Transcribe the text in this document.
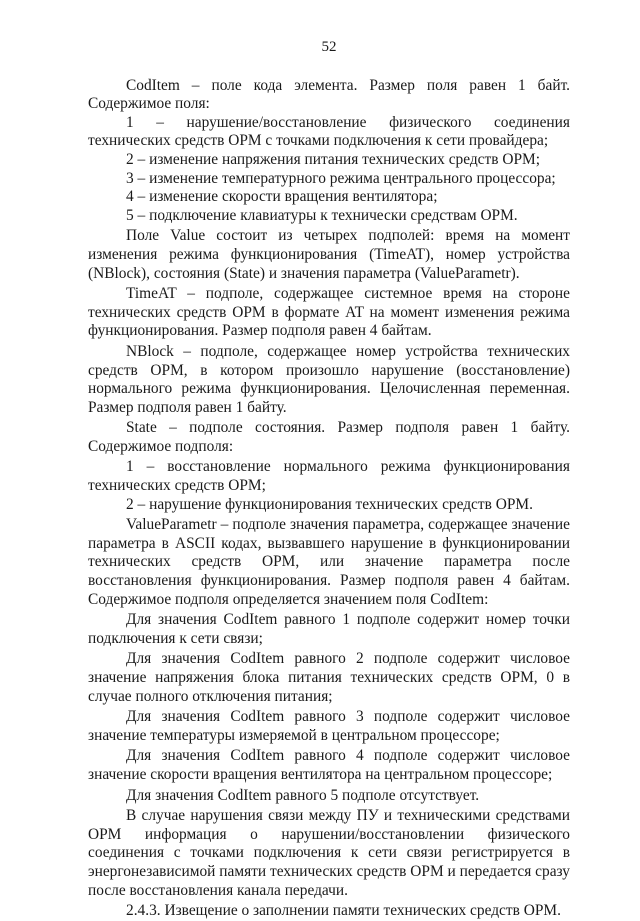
52

CodItem – поле кода элемента. Размер поля равен 1 байт. Содержимое поля:

1 – нарушение/восстановление физического соединения технических средств ОРМ с точками подключения к сети провайдера;

2 – изменение напряжения питания технических средств ОРМ;

3 – изменение температурного режима центрального процессора;

4 – изменение скорости вращения вентилятора;

5 – подключение клавиатуры к технически средствам ОРМ.

Поле Value состоит из четырех подполей: время на момент изменения режима функционирования (TimeAT), номер устройства (NBlock), состояния (State) и значения параметра (ValueParametr).

TimeAT – подполе, содержащее системное время на стороне технических средств ОРМ в формате AT на момент изменения режима функционирования. Размер подполя равен 4 байтам.

NBlock – подполе, содержащее номер устройства технических средств ОРМ, в котором произошло нарушение (восстановление) нормального режима функционирования. Целочисленная переменная. Размер подполя равен 1 байту.

State – подполе состояния. Размер подполя равен 1 байту. Содержимое подполя:

1 – восстановление нормального режима функционирования технических средств ОРМ;

2 – нарушение функционирования технических средств ОРМ.

ValueParametr – подполе значения параметра, содержащее значение параметра в ASCII кодах, вызвавшего нарушение в функционировании технических средств ОРМ, или значение параметра после восстановления функционирования. Размер подполя равен 4 байтам. Содержимое подполя определяется значением поля CodItem:

Для значения CodItem равного 1 подполе содержит номер точки подключения к сети связи;

Для значения CodItem равного 2 подполе содержит числовое значение напряжения блока питания технических средств ОРМ, 0 в случае полного отключения питания;

Для значения CodItem равного 3 подполе содержит числовое значение температуры измеряемой в центральном процессоре;

Для значения CodItem равного 4 подполе содержит числовое значение скорости вращения вентилятора на центральном процессоре;

Для значения CodItem равного 5 подполе отсутствует.

В случае нарушения связи между ПУ и техническими средствами ОРМ информация о нарушении/восстановлении физического соединения с точками подключения к сети связи регистрируется в энергонезависимой памяти технических средств ОРМ и передается сразу после восстановления канала передачи.

2.4.3. Извещение о заполнении памяти технических средств ОРМ.
